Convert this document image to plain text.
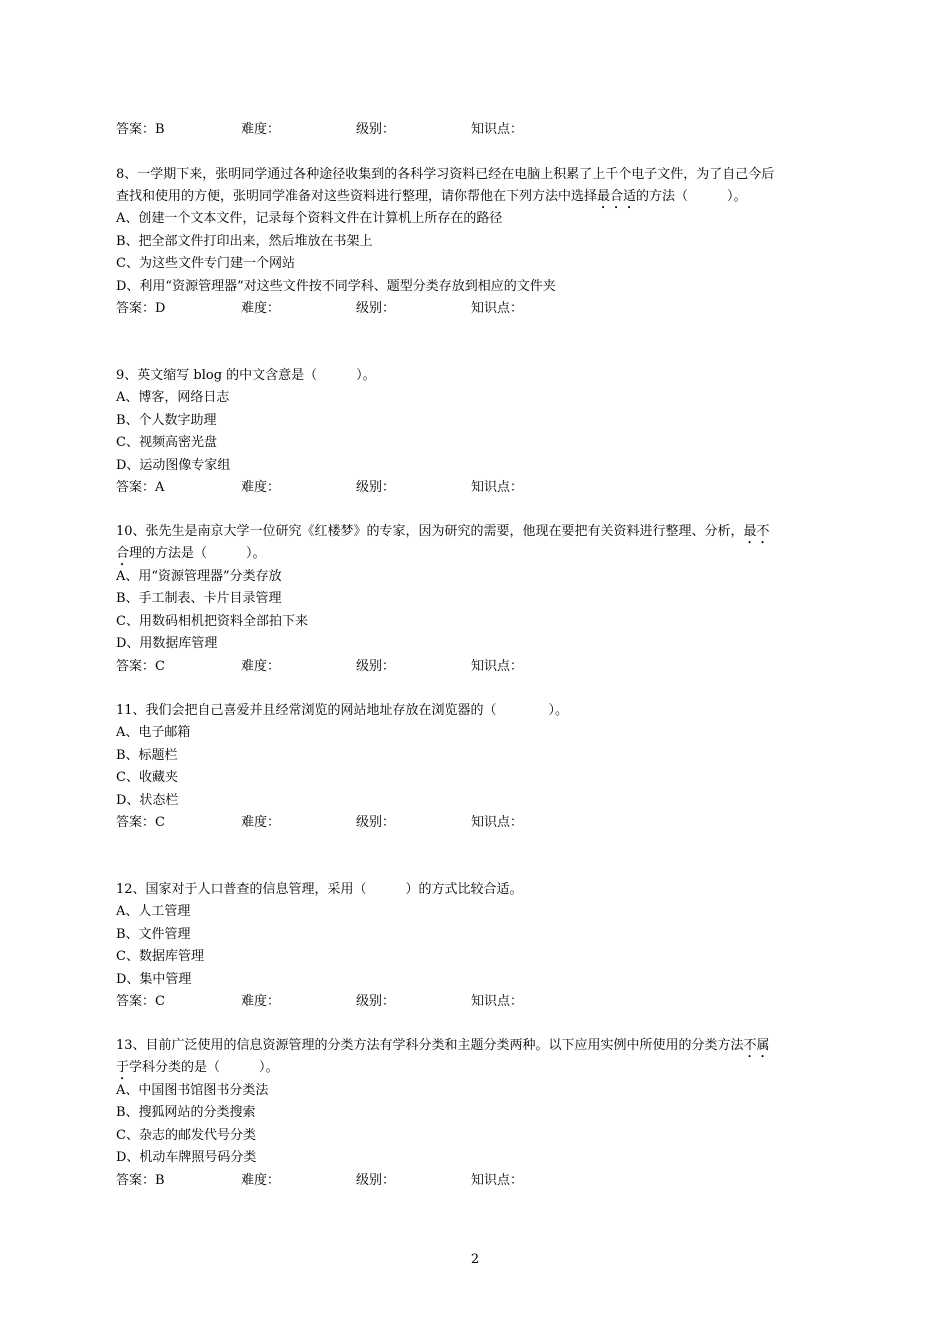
答案：B	难度：	级别：	知识点：
8、一学期下来，张明同学通过各种途径收集到的各科学习资料已经在电脑上积累了上千个电子文件，为了自己今后
查找和使用的方便，张明同学准备对这些资料进行整理，请你帮他在下列方法中选择最合适的方法（　　　）。
A、创建一个文本文件，记录每个资料文件在计算机上所存在的路径
B、把全部文件打印出来，然后堆放在书架上
C、为这些文件专门建一个网站
D、利用“资源管理器”对这些文件按不同学科、题型分类存放到相应的文件夹
答案：D	难度：	级别：	知识点：
9、英文缩写 blog 的中文含意是（　　　）。
A、博客，网络日志
B、个人数字助理
C、视频高密光盘
D、运动图像专家组
答案：A	难度：	级别：	知识点：
10、张先生是南京大学一位研究《红楼梦》的专家，因为研究的需要，他现在要把有关资料进行整理、分析，最不
合理的方法是（　　　）。
A、用“资源管理器”分类存放
B、手工制表、卡片目录管理
C、用数码相机把资料全部拍下来
D、用数据库管理
答案：C	难度：	级别：	知识点：
11、我们会把自己喜爱并且经常浏览的网站地址存放在浏览器的（　　　　）。
A、电子邮箱
B、标题栏
C、收藏夹
D、状态栏
答案：C	难度：	级别：	知识点：
12、国家对于人口普查的信息管理，采用（　　　）的方式比较合适。
A、人工管理
B、文件管理
C、数据库管理
D、集中管理
答案：C	难度：	级别：	知识点：
13、目前广泛使用的信息资源管理的分类方法有学科分类和主题分类两种。以下应用实例中所使用的分类方法不属
于学科分类的是（　　　）。
A、中国图书馆图书分类法
B、搜狐网站的分类搜索
C、杂志的邮发代号分类
D、机动车牌照号码分类
答案：B	难度：	级别：	知识点：
2
